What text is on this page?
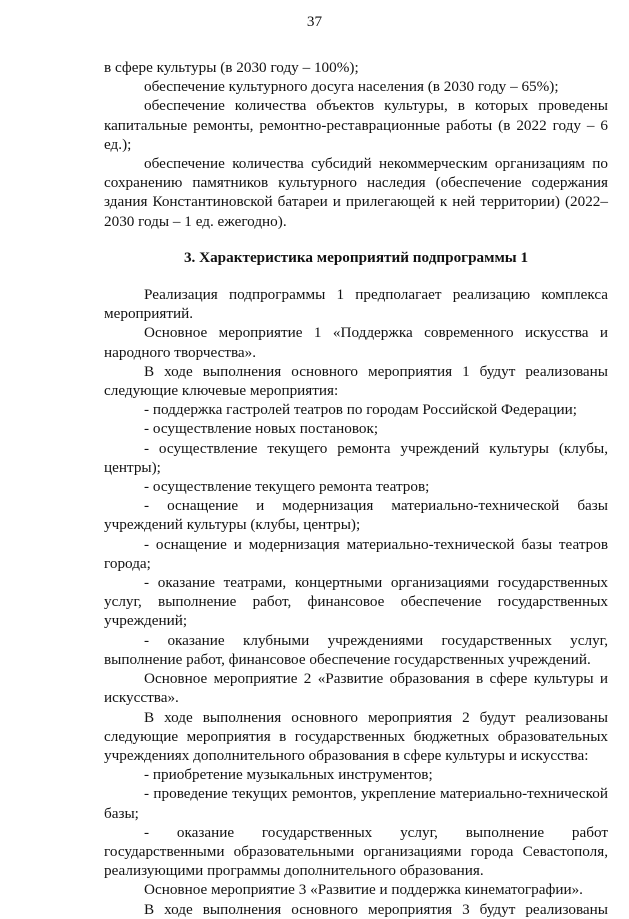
37

в сфере культуры (в 2030 году – 100%);

обеспечение культурного досуга населения (в 2030 году – 65%);

обеспечение количества объектов культуры, в которых проведены капитальные ремонты, ремонтно-реставрационные работы (в 2022 году – 6 ед.);

обеспечение количества субсидий некоммерческим организациям по сохранению памятников культурного наследия (обеспечение содержания здания Константиновской батареи и прилегающей к ней территории) (2022–2030 годы – 1 ед. ежегодно).

3. Характеристика мероприятий подпрограммы 1

Реализация подпрограммы 1 предполагает реализацию комплекса мероприятий.

Основное мероприятие 1 «Поддержка современного искусства и народного творчества».

В ходе выполнения основного мероприятия 1 будут реализованы следующие ключевые мероприятия:

- поддержка гастролей театров по городам Российской Федерации;

- осуществление новых постановок;

- осуществление текущего ремонта учреждений культуры (клубы, центры);

- осуществление текущего ремонта театров;

- оснащение и модернизация материально-технической базы учреждений культуры (клубы, центры);

- оснащение и модернизация материально-технической базы театров города;

- оказание театрами, концертными организациями государственных услуг, выполнение работ, финансовое обеспечение государственных учреждений;

- оказание клубными учреждениями государственных услуг, выполнение работ, финансовое обеспечение государственных учреждений.

Основное мероприятие 2 «Развитие образования в сфере культуры и искусства».

В ходе выполнения основного мероприятия 2 будут реализованы следующие мероприятия в государственных бюджетных образовательных учреждениях дополнительного образования в сфере культуры и искусства:

- приобретение музыкальных инструментов;

- проведение текущих ремонтов, укрепление материально-технической базы;

- оказание государственных услуг, выполнение работ государственными образовательными организациями города Севастополя, реализующими программы дополнительного образования.

Основное мероприятие 3 «Развитие и поддержка кинематографии».

В ходе выполнения основного мероприятия 3 будут реализованы
